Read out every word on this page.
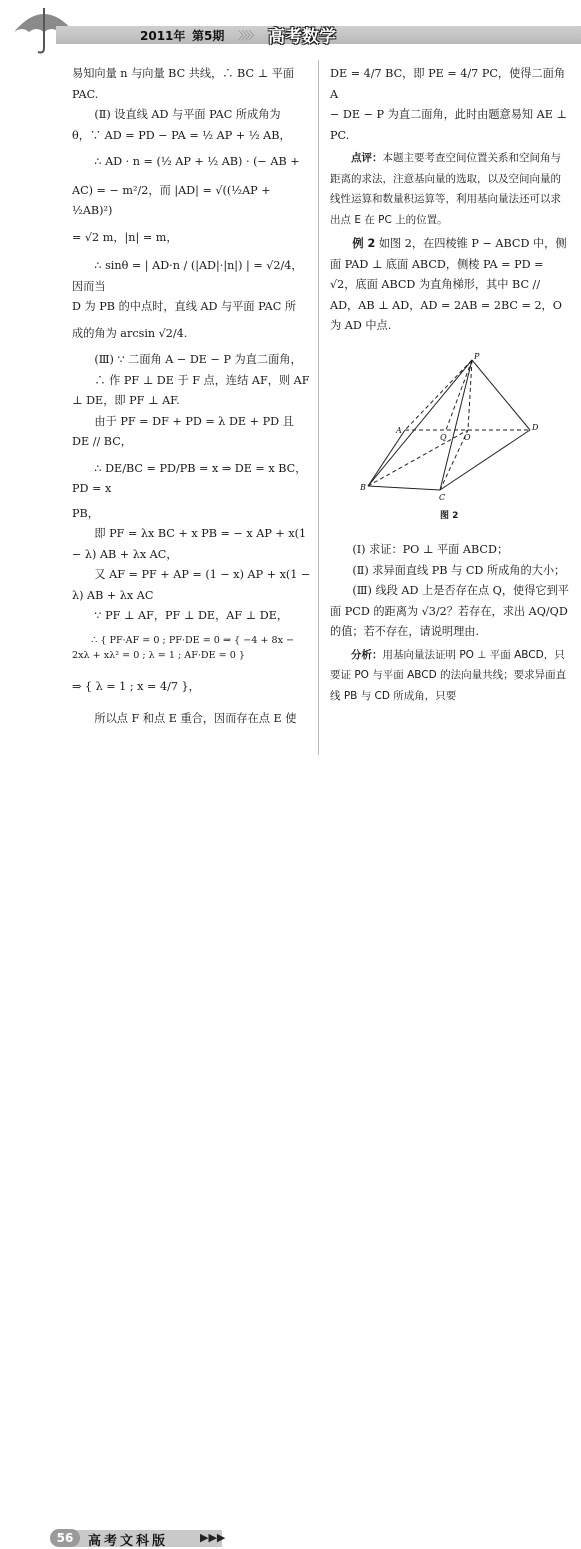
2011年 第5期 〉〉〉〉 高考数学

易知向量 n 与向量 BC 共线，∴ BC ⊥ 平面

PAC.

(Ⅱ) 设直线 AD 与平面 PAC 所成角为

θ，∵ AD = PD − PA = ½ AP + ½ AB，

∴ AD · n = (½ AP + ½ AB) · (− AB +

AC) = − m²/2，而 |AD| = √((½AP + ½AB)²)

= √2 m，|n| = m，

∴ sinθ = | AD·n / (|AD|·|n|) | = √2/4，因而当

D 为 PB 的中点时，直线 AD 与平面 PAC 所

成的角为 arcsin √2/4.

(Ⅲ) ∵ 二面角 A − DE − P 为直二面角，

∴ 作 PF ⊥ DE 于 F 点，连结 AF，则 AF

⊥ DE，即 PF ⊥ AF.

由于 PF = DF + PD = λ DE + PD 且

DE // BC，

∴ DE/BC = PD/PB = x ⇒ DE = x BC，PD = x

PB，

即 PF = λx BC + x PB = − x AP + x(1

− λ) AB + λx AC，

又 AF = PF + AP = (1 − x) AP + x(1 −

λ) AB + λx AC

∵ PF ⊥ AF，PF ⊥ DE，AF ⊥ DE，

∴ { PF·AF = 0 ; PF·DE = 0 ⇒ { −4 + 8x − 2xλ + xλ² = 0 ; λ = 1 ; AF·DE = 0 }

⇒ { λ = 1 ; x = 4/7 }，

所以点 F 和点 E 重合，因而存在点 E 使

DE = 4/7 BC，即 PE = 4/7 PC，使得二面角 A

− DE − P 为直二面角，此时由题意易知 AE ⊥

PC.

点评：本题主要考查空间位置关系和空间角与距离的求法，注意基向量的选取，以及空间向量的线性运算和数量积运算等，利用基向量法还可以求出点 E 在 PC 上的位置。

例 2 如图 2，在四棱锥 P − ABCD 中，侧面 PAD ⊥ 底面 ABCD，侧棱 PA = PD = √2，底面 ABCD 为直角梯形，其中 BC // AD，AB ⊥ AD，AD = 2AB = 2BC = 2，O 为 AD 中点.

P
A
Q O
D
B
C
图 2

(Ⅰ) 求证：PO ⊥ 平面 ABCD；

(Ⅱ) 求异面直线 PB 与 CD 所成角的大小；

(Ⅲ) 线段 AD 上是否存在点 Q，使得它到平面 PCD 的距离为 √3/2？若存在，求出 AQ/QD 的值；若不存在，请说明理由.

分析：用基向量法证明 PO ⊥ 平面 ABCD，只要证 PO 与平面 ABCD 的法向量共线；要求异面直线 PB 与 CD 所成角，只要

56	高考文科版	▶▶▶
